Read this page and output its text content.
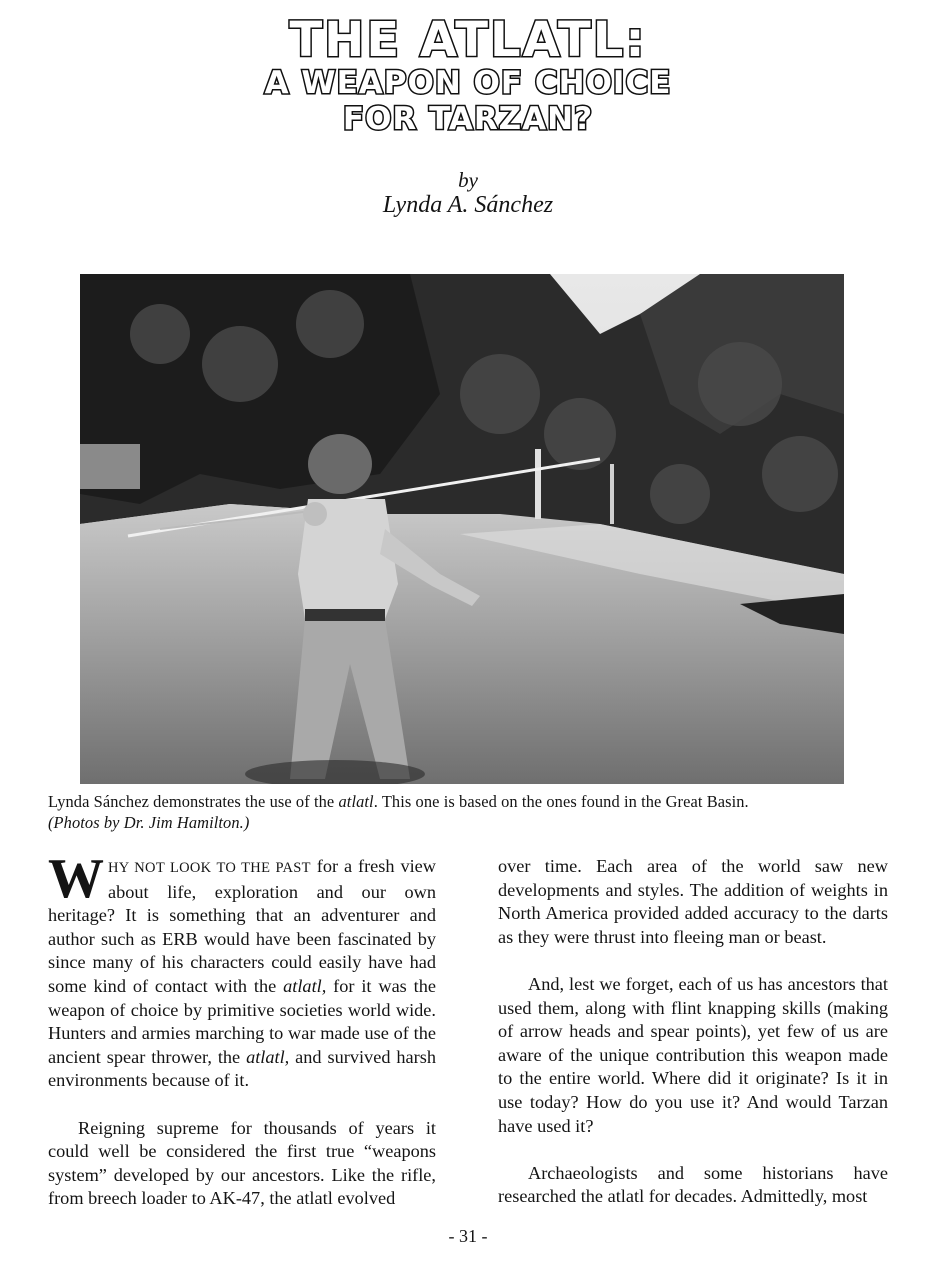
THE ATLATL:
A WEAPON OF CHOICE
FOR TARZAN?
by
Lynda A. Sánchez
Lynda Sánchez demonstrates the use of the atlatl. This one is based on the ones found in the Great Basin.
(Photos by Dr. Jim Hamilton.)

WHY NOT LOOK TO THE PAST for a fresh view about life, exploration and our own heritage? It is something that an adventurer and author such as ERB would have been fascinated by since many of his characters could easily have had some kind of contact with the atlatl, for it was the weapon of choice by primitive societies world wide. Hunters and armies marching to war made use of the ancient spear thrower, the atlatl, and survived harsh environments because of it.

Reigning supreme for thousands of years it could well be considered the first true “weapons system” developed by our ancestors. Like the rifle, from breech loader to AK-47, the atlatl evolved

over time. Each area of the world saw new developments and styles. The addition of weights in North America provided added accuracy to the darts as they were thrust into fleeing man or beast.

And, lest we forget, each of us has ancestors that used them, along with flint knapping skills (making of arrow heads and spear points), yet few of us are aware of the unique contribution this weapon made to the entire world. Where did it originate? Is it in use today? How do you use it? And would Tarzan have used it?

Archaeologists and some historians have researched the atlatl for decades. Admittedly, most

- 31 -
